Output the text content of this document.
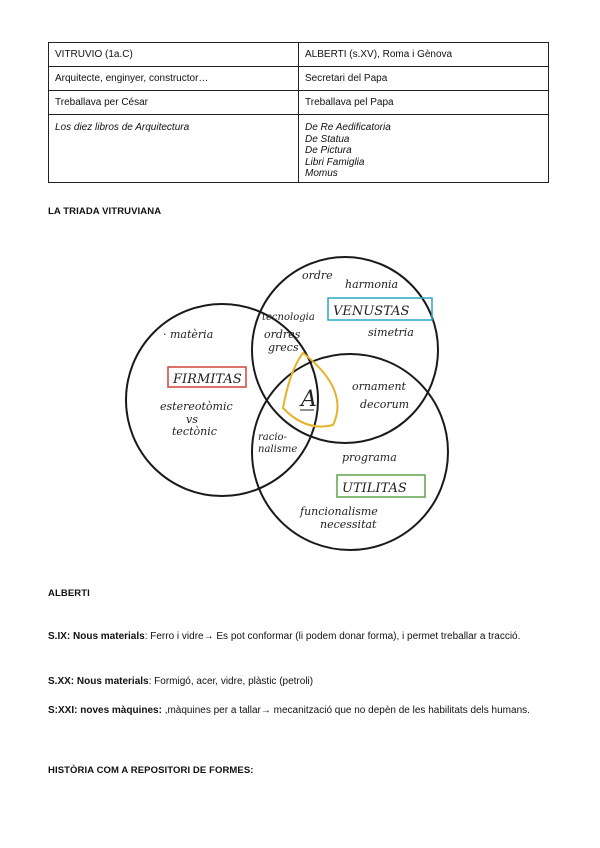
VITRUVIO (1a.C)	ALBERTI (s.XV), Roma i Gènova
Arquitecte, enginyer, constructor…	Secretari del Papa
Treballava per César	Treballava pel Papa
Los diez libros de Arquitectura	De Re Aedificatoria
De Statua
De Pictura
Libri Famiglia
Momus
LA TRIADA VITRUVIANA
A
FIRMITAS
VENUSTAS
UTILITAS
· matèria
estereotòmic
vs
tectònic
ordre
harmonia
simetria
tecnologia
ordres
grecs
ornament
decorum
racio-
nalisme
programa
funcionalisme
necessitat
ALBERTI
S.IX: Nous materials: Ferro i vidre→ Es pot conformar (li podem donar forma), i permet treballar a tracció.
S.XX: Nous materials: Formigó, acer, vidre, plàstic (petroli)
S:XXI: noves màquines: ,màquines per a tallar→ mecanització que no depèn de les habilitats dels humans.
HISTÒRIA COM A REPOSITORI DE FORMES:
